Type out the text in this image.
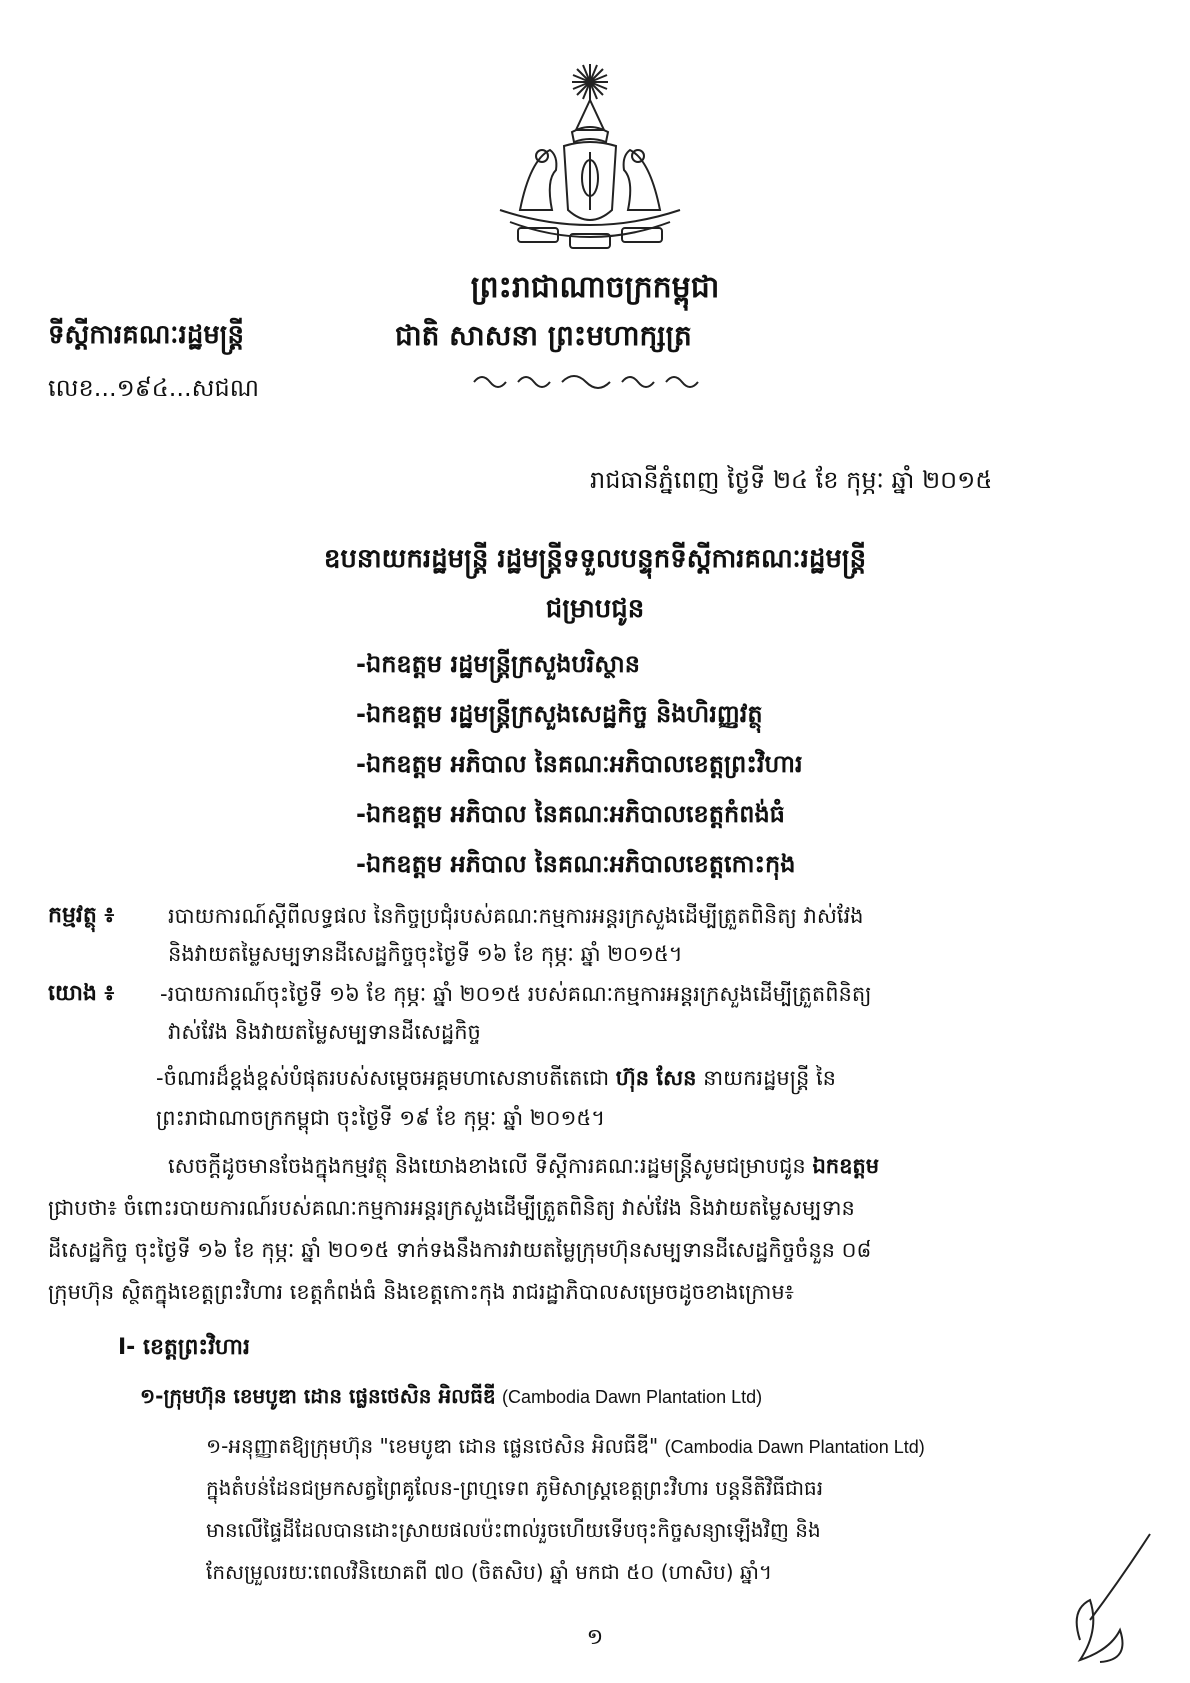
ព្រះរាជាណាចក្រកម្ពុជា
ជាតិ សាសនា ព្រះមហាក្សត្រ
ទីស្តីការគណៈរដ្ឋមន្ត្រី
លេខ...១៩៤...សជណ
រាជធានីភ្នំពេញ ថ្ងៃទី ២៤ ខែ កុម្ភៈ ឆ្នាំ ២០១៥
ឧបនាយករដ្ឋមន្ត្រី រដ្ឋមន្ត្រីទទួលបន្ទុកទីស្តីការគណៈរដ្ឋមន្ត្រី
ជម្រាបជូន
-ឯកឧត្តម រដ្ឋមន្ត្រីក្រសួងបរិស្ថាន
-ឯកឧត្តម រដ្ឋមន្ត្រីក្រសួងសេដ្ឋកិច្ច និងហិរញ្ញវត្ថុ
-ឯកឧត្តម អភិបាល នៃគណៈអភិបាលខេត្តព្រះវិហារ
-ឯកឧត្តម អភិបាល នៃគណៈអភិបាលខេត្តកំពង់ធំ
-ឯកឧត្តម អភិបាល នៃគណៈអភិបាលខេត្តកោះកុង
កម្មវត្ថុ ៖	របាយការណ៍ស្តីពីលទ្ធផល នៃកិច្ចប្រជុំរបស់គណៈកម្មការអន្តរក្រសួងដើម្បីត្រួតពិនិត្យ វាស់វែង
និងវាយតម្លៃសម្បទានដីសេដ្ឋកិច្ចចុះថ្ងៃទី ១៦ ខែ កុម្ភៈ ឆ្នាំ ២០១៥។
យោង ៖ -របាយការណ៍ចុះថ្ងៃទី ១៦ ខែ កុម្ភៈ ឆ្នាំ ២០១៥ របស់គណៈកម្មការអន្តរក្រសួងដើម្បីត្រួតពិនិត្យ
វាស់វែង និងវាយតម្លៃសម្បទានដីសេដ្ឋកិច្ច
-ចំណារដ៏ខ្ពង់ខ្ពស់បំផុតរបស់សម្តេចអគ្គមហាសេនាបតីតេជោ ហ៊ុន សែន នាយករដ្ឋមន្ត្រី នៃ
ព្រះរាជាណាចក្រកម្ពុជា ចុះថ្ងៃទី ១៩ ខែ កុម្ភៈ ឆ្នាំ ២០១៥។
សេចក្តីដូចមានចែងក្នុងកម្មវត្ថុ និងយោងខាងលើ ទីស្តីការគណៈរដ្ឋមន្ត្រីសូមជម្រាបជូន ឯកឧត្តម
ជ្រាបថា៖ ចំពោះរបាយការណ៍របស់គណៈកម្មការអន្តរក្រសួងដើម្បីត្រួតពិនិត្យ វាស់វែង និងវាយតម្លៃសម្បទាន
ដីសេដ្ឋកិច្ច ចុះថ្ងៃទី ១៦ ខែ កុម្ភៈ ឆ្នាំ ២០១៥ ទាក់ទងនឹងការវាយតម្លៃក្រុមហ៊ុនសម្បទានដីសេដ្ឋកិច្ចចំនួន ០៨
ក្រុមហ៊ុន ស្ថិតក្នុងខេត្តព្រះវិហារ ខេត្តកំពង់ធំ និងខេត្តកោះកុង រាជរដ្ឋាភិបាលសម្រេចដូចខាងក្រោម៖
I- ខេត្តព្រះវិហារ
១-ក្រុមហ៊ុន ខេមបូឌា ដោន ផ្លេនថេសិន អិលធីឌី (Cambodia Dawn Plantation Ltd)
១-អនុញ្ញាតឱ្យក្រុមហ៊ុន "ខេមបូឌា ដោន ផ្លេនថេសិន អិលធីឌី" (Cambodia Dawn Plantation Ltd)
ក្នុងតំបន់ដែនជម្រកសត្វព្រៃគូលែន-ព្រហ្មទេព ភូមិសាស្ត្រខេត្តព្រះវិហារ បន្តនីតិវិធីជាធរ
មានលើផ្ទៃដីដែលបានដោះស្រាយផលប៉ះពាល់រួចហើយទើបចុះកិច្ចសន្យាឡើងវិញ និង
កែសម្រួលរយៈពេលវិនិយោគពី ៧០ (ចិតសិប) ឆ្នាំ មកជា ៥០ (ហាសិប) ឆ្នាំ។
១
